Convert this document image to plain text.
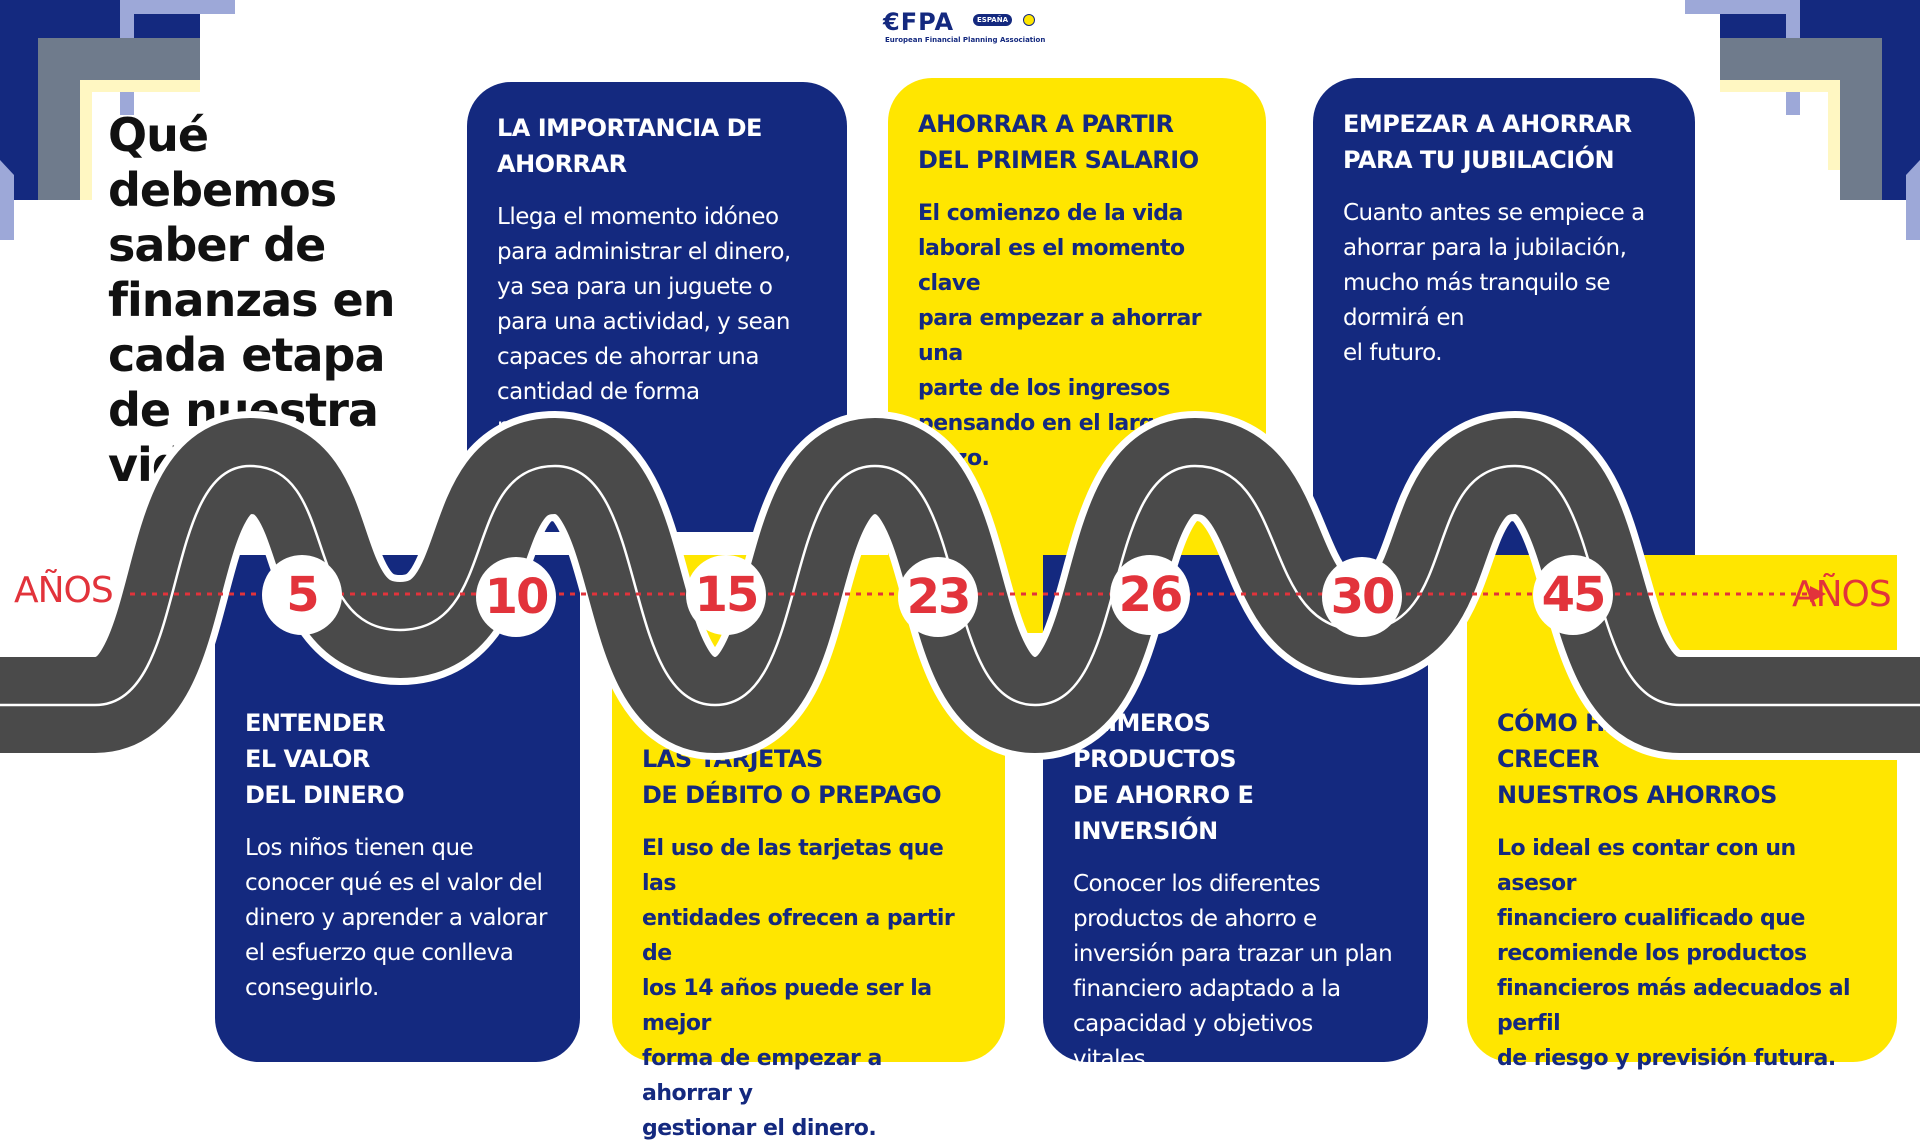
€FPA	ESPAÑA
European Financial Planning Association
Qué debemos saber de finanzas en cada etapa de nuestra vida

LA IMPORTANCIA DE
AHORRAR

Llega el momento idóneo
para administrar el dinero,
ya sea para un juguete o
para una actividad, y sean
capaces de ahorrar una
cantidad de forma
periódica.

AHORRAR A PARTIR
DEL PRIMER SALARIO

El comienzo de la vida
laboral es el momento clave
para empezar a ahorrar una
parte de los ingresos
pensando en el largo
plazo.

EMPEZAR A AHORRAR
PARA TU JUBILACIÓN

Cuanto antes se empiece a
ahorrar para la jubilación,
mucho más tranquilo se
dormirá en
el futuro.

ENTENDER
EL VALOR
DEL DINERO

Los niños tienen que
conocer qué es el valor del
dinero y aprender a valorar
el esfuerzo que conlleva
conseguirlo.

EL USO DE
LAS TARJETAS
DE DÉBITO O PREPAGO

El uso de las tarjetas que las
entidades ofrecen a partir de
los 14 años puede ser la mejor
forma de empezar a ahorrar y
gestionar el dinero.

PRIMEROS
PRODUCTOS
DE AHORRO E INVERSIÓN

Conocer los diferentes
productos de ahorro e
inversión para trazar un plan
financiero adaptado a la
capacidad y objetivos vitales.

CÓMO HACER
CRECER
NUESTROS AHORROS

Lo ideal es contar con un asesor
financiero cualificado que
recomiende los productos
financieros más adecuados al perfil
de riesgo y previsión futura.

AÑOS	AÑOS
5	10	15	23	26	30	45
